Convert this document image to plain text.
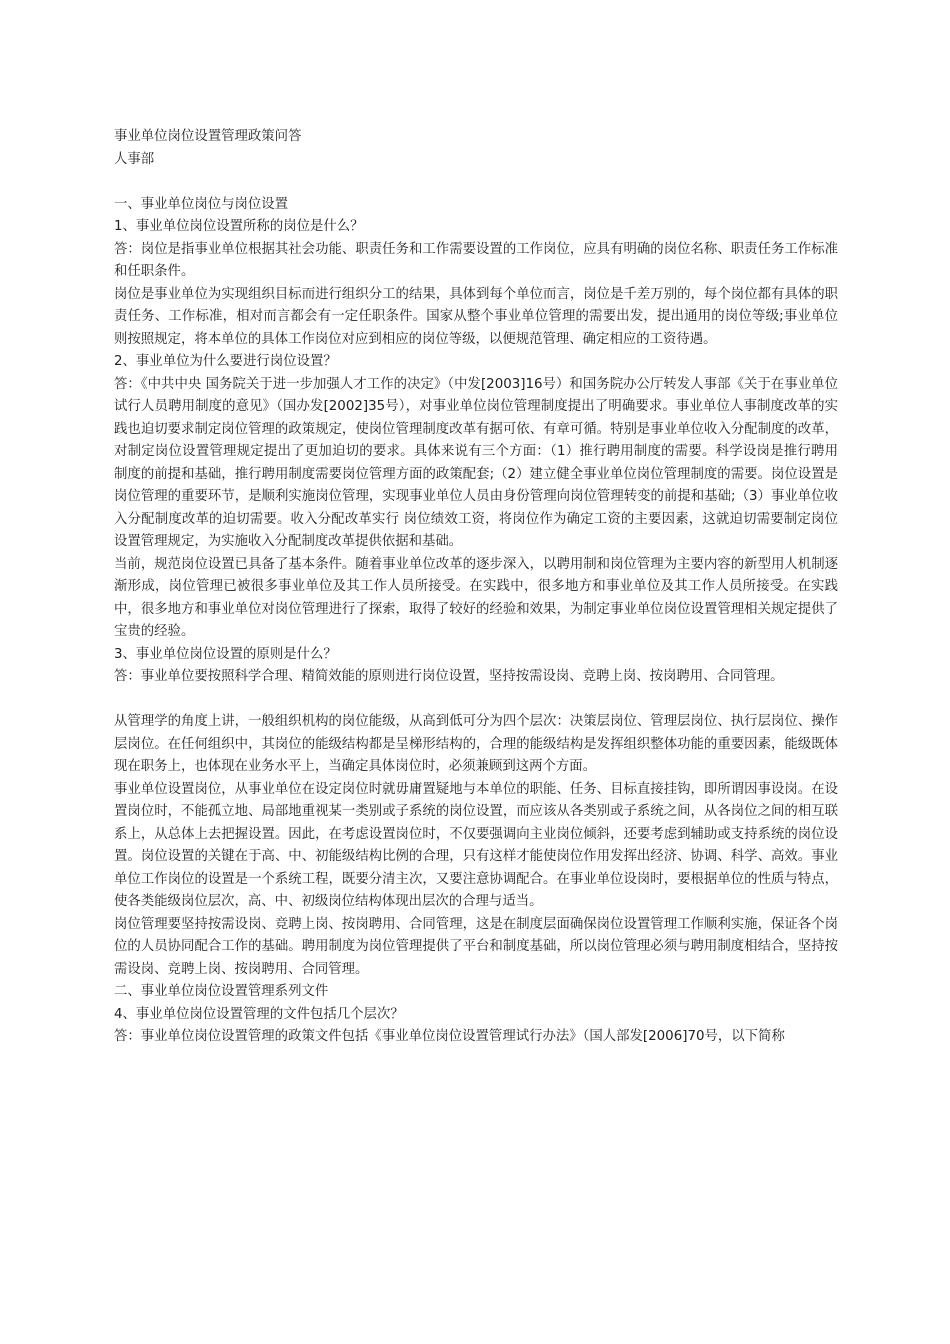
事业单位岗位设置管理政策问答
人事部
一、事业单位岗位与岗位设置
1、事业单位岗位设置所称的岗位是什么？
答：岗位是指事业单位根据其社会功能、职责任务和工作需要设置的工作岗位，应具有明确的岗位名称、职责任务工作标准和任职条件。
岗位是事业单位为实现组织目标而进行组织分工的结果，具体到每个单位而言，岗位是千差万别的，每个岗位都有具体的职责任务、工作标准，相对而言都会有一定任职条件。国家从整个事业单位管理的需要出发，提出通用的岗位等级;事业单位则按照规定，将本单位的具体工作岗位对应到相应的岗位等级，以便规范管理、确定相应的工资待遇。
2、事业单位为什么要进行岗位设置？
答：《中共中央 国务院关于进一步加强人才工作的决定》（中发[2003]16号）和国务院办公厅转发人事部《关于在事业单位试行人员聘用制度的意见》（国办发[2002]35号），对事业单位岗位管理制度提出了明确要求。事业单位人事制度改革的实践也迫切要求制定岗位管理的政策规定，使岗位管理制度改革有据可依、有章可循。特别是事业单位收入分配制度的改革，对制定岗位设置管理规定提出了更加迫切的要求。具体来说有三个方面：（1）推行聘用制度的需要。科学设岗是推行聘用制度的前提和基础，推行聘用制度需要岗位管理方面的政策配套;（2）建立健全事业单位岗位管理制度的需要。岗位设置是岗位管理的重要环节，是顺利实施岗位管理，实现事业单位人员由身份管理向岗位管理转变的前提和基础;（3）事业单位收入分配制度改革的迫切需要。收入分配改革实行 岗位绩效工资，将岗位作为确定工资的主要因素，这就迫切需要制定岗位设置管理规定，为实施收入分配制度改革提供依据和基础。
当前，规范岗位设置已具备了基本条件。随着事业单位改革的逐步深入，以聘用制和岗位管理为主要内容的新型用人机制逐渐形成，岗位管理已被很多事业单位及其工作人员所接受。在实践中，很多地方和事业单位及其工作人员所接受。在实践中，很多地方和事业单位对岗位管理进行了探索，取得了较好的经验和效果，为制定事业单位岗位设置管理相关规定提供了宝贵的经验。
3、事业单位岗位设置的原则是什么？
答：事业单位要按照科学合理、精简效能的原则进行岗位设置，坚持按需设岗、竞聘上岗、按岗聘用、合同管理。
从管理学的角度上讲，一般组织机构的岗位能级，从高到低可分为四个层次：决策层岗位、管理层岗位、执行层岗位、操作层岗位。在任何组织中，其岗位的能级结构都是呈梯形结构的，合理的能级结构是发挥组织整体功能的重要因素，能级既体现在职务上，也体现在业务水平上，当确定具体岗位时，必须兼顾到这两个方面。
事业单位设置岗位，从事业单位在设定岗位时就毋庸置疑地与本单位的职能、任务、目标直接挂钩，即所谓因事设岗。在设置岗位时，不能孤立地、局部地重视某一类别或子系统的岗位设置，而应该从各类别或子系统之间，从各岗位之间的相互联系上，从总体上去把握设置。因此，在考虑设置岗位时，不仅要强调向主业岗位倾斜，还要考虑到辅助或支持系统的岗位设置。岗位设置的关键在于高、中、初能级结构比例的合理，只有这样才能使岗位作用发挥出经济、协调、科学、高效。事业单位工作岗位的设置是一个系统工程，既要分清主次，又要注意协调配合。在事业单位设岗时，要根据单位的性质与特点，使各类能级岗位层次，高、中、初级岗位结构体现出层次的合理与适当。
岗位管理要坚持按需设岗、竞聘上岗、按岗聘用、合同管理，这是在制度层面确保岗位设置管理工作顺利实施，保证各个岗位的人员协同配合工作的基础。聘用制度为岗位管理提供了平台和制度基础，所以岗位管理必须与聘用制度相结合，坚持按需设岗、竞聘上岗、按岗聘用、合同管理。
二、事业单位岗位设置管理系列文件
4、事业单位岗位设置管理的文件包括几个层次？
答：事业单位岗位设置管理的政策文件包括《事业单位岗位设置管理试行办法》（国人部发[2006]70号，以下简称
